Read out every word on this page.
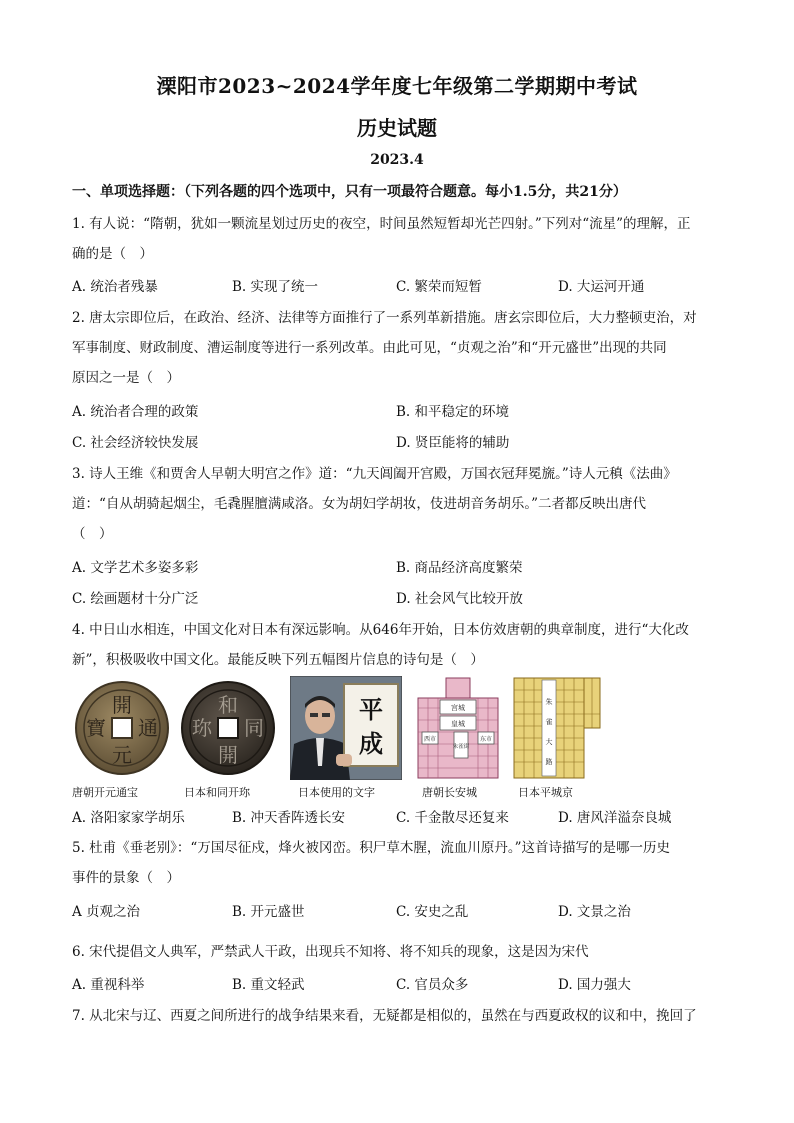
溧阳市2023~2024学年度七年级第二学期期中考试
历史试题
2023.4
一、单项选择题：（下列各题的四个选项中，只有一项最符合题意。每小1.5分，共21分）
1. 有人说：“隋朝，犹如一颗流星划过历史的夜空，时间虽然短暂却光芒四射。”下列对“流星”的理解，正
确的是（　）
A. 统治者残暴	B. 实现了统一	C. 繁荣而短暂	D. 大运河开通
2. 唐太宗即位后，在政治、经济、法律等方面推行了一系列革新措施。唐玄宗即位后，大力整顿吏治，对
军事制度、财政制度、漕运制度等进行一系列改革。由此可见，“贞观之治”和“开元盛世”出现的共同
原因之一是（　）
A. 统治者合理的政策	B. 和平稳定的环境
C. 社会经济较快发展	D. 贤臣能将的辅助
3. 诗人王维《和贾舍人早朝大明宫之作》道：“九天阊阖开宫殿，万国衣冠拜冕旒。”诗人元稹《法曲》
道：“自从胡骑起烟尘，毛毳腥膻满咸洛。女为胡妇学胡妆，伎进胡音务胡乐。”二者都反映出唐代
（　）
A. 文学艺术多姿多彩	B. 商品经济高度繁荣
C. 绘画题材十分广泛	D. 社会风气比较开放
4. 中日山水相连，中国文化对日本有深远影响。从646年开始，日本仿效唐朝的典章制度，进行“大化改
新”，积极吸收中国文化。最能反映下列五幅图片信息的诗句是（　）
開
通
元
寶
和
同
開
珎
平
成
宫城
皇城
朱雀街
西市	东市
朱
雀
大
路
唐朝开元通宝	日本和同开珎	日本使用的文字	唐朝长安城	日本平城京
A. 洛阳家家学胡乐	B. 冲天香阵透长安	C. 千金散尽还复来	D. 唐风洋溢奈良城
5. 杜甫《垂老别》：“万国尽征戍，烽火被冈峦。积尸草木腥，流血川原丹。”这首诗描写的是哪一历史
事件的景象（　）
A 贞观之治	B. 开元盛世	C. 安史之乱	D. 文景之治
6. 宋代提倡文人典军，严禁武人干政，出现兵不知将、将不知兵的现象，这是因为宋代
A. 重视科举	B. 重文轻武	C. 官员众多	D. 国力强大
7. 从北宋与辽、西夏之间所进行的战争结果来看，无疑都是相似的，虽然在与西夏政权的议和中，挽回了
